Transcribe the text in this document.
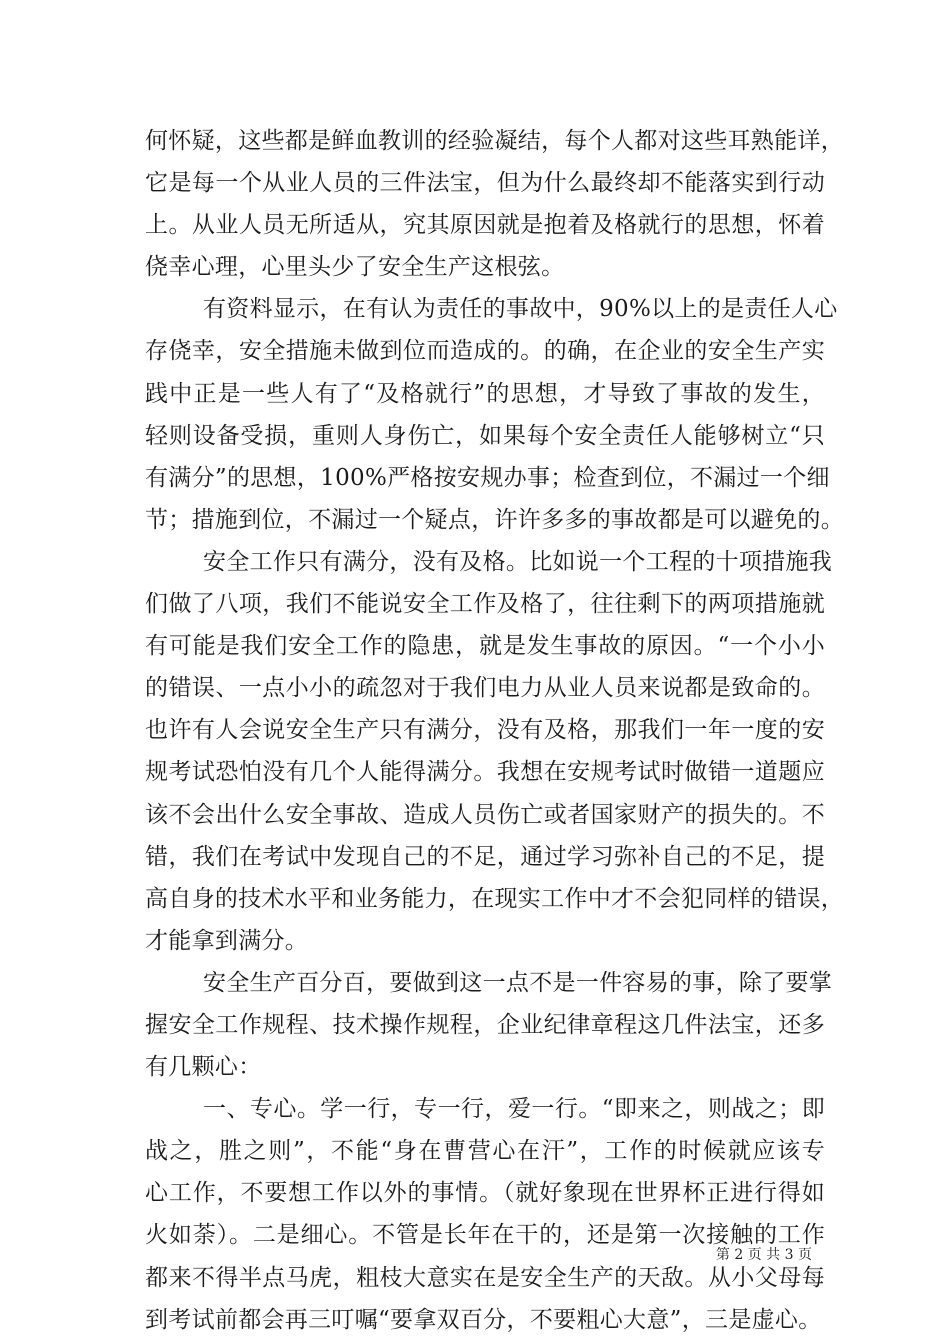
何怀疑，这些都是鲜血教训的经验凝结，每个人都对这些耳熟能详，
它是每一个从业人员的三件法宝，但为什么最终却不能落实到行动
上。从业人员无所适从，究其原因就是抱着及格就行的思想，怀着
侥幸心理，心里头少了安全生产这根弦。
有资料显示，在有认为责任的事故中，90%以上的是责任人心
存侥幸，安全措施未做到位而造成的。的确，在企业的安全生产实
践中正是一些人有了“及格就行”的思想，才导致了事故的发生，
轻则设备受损，重则人身伤亡，如果每个安全责任人能够树立“只
有满分”的思想，100%严格按安规办事；检查到位，不漏过一个细
节；措施到位，不漏过一个疑点，许许多多的事故都是可以避免的。
安全工作只有满分，没有及格。比如说一个工程的十项措施我
们做了八项，我们不能说安全工作及格了，往往剩下的两项措施就
有可能是我们安全工作的隐患，就是发生事故的原因。“一个小小
的错误、一点小小的疏忽对于我们电力从业人员来说都是致命的。
也许有人会说安全生产只有满分，没有及格，那我们一年一度的安
规考试恐怕没有几个人能得满分。我想在安规考试时做错一道题应
该不会出什么安全事故、造成人员伤亡或者国家财产的损失的。不
错，我们在考试中发现自己的不足，通过学习弥补自己的不足，提
高自身的技术水平和业务能力，在现实工作中才不会犯同样的错误，
才能拿到满分。
安全生产百分百，要做到这一点不是一件容易的事，除了要掌
握安全工作规程、技术操作规程，企业纪律章程这几件法宝，还多
有几颗心：
一、专心。学一行，专一行，爱一行。“即来之，则战之；即
战之，胜之则”，不能“身在曹营心在汗”，工作的时候就应该专
心工作，不要想工作以外的事情。（就好象现在世界杯正进行得如
火如荼）。二是细心。不管是长年在干的，还是第一次接触的工作
都来不得半点马虎，粗枝大意实在是安全生产的天敌。从小父母每
到考试前都会再三叮嘱“要拿双百分，不要粗心大意”，三是虚心。
第 2 页 共 3 页
